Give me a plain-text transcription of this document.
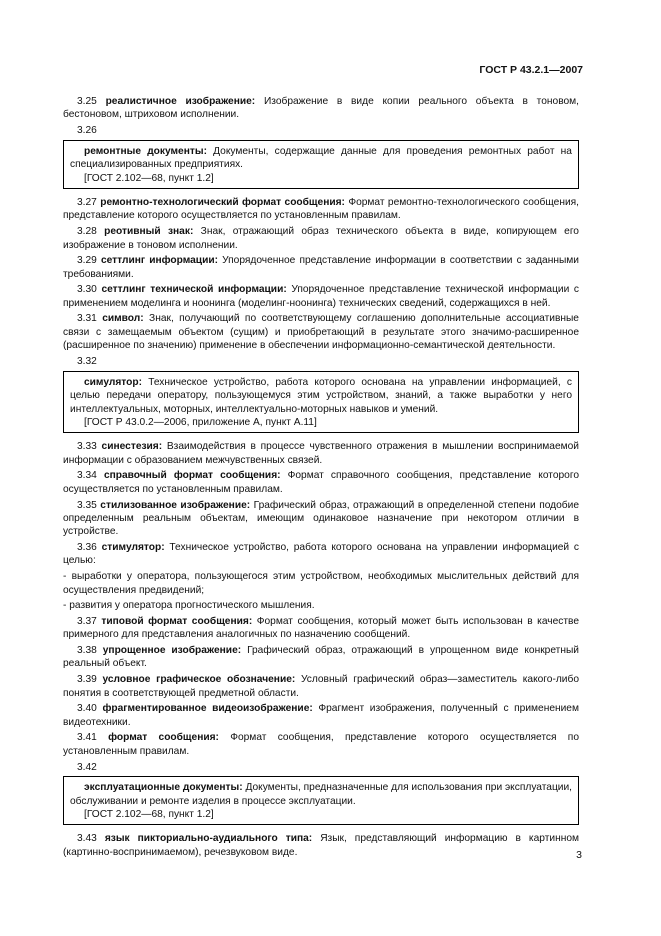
ГОСТ Р 43.2.1—2007

3.25 реалистичное изображение: Изображение в виде копии реального объекта в тоновом, бестоновом, штриховом исполнении.

3.26

ремонтные документы: Документы, содержащие данные для проведения ремонтных работ на специализированных предприятиях.

[ГОСТ 2.102—68, пункт 1.2]

3.27 ремонтно-технологический формат сообщения: Формат ремонтно-технологического сообщения, представление которого осуществляется по установленным правилам.

3.28 реотивный знак: Знак, отражающий образ технического объекта в виде, копирующем его изображение в тоновом исполнении.

3.29 сеттлинг информации: Упорядоченное представление информации в соответствии с заданными требованиями.

3.30 сеттлинг технической информации: Упорядоченное представление технической информации с применением моделинга и ноонинга (моделинг-ноонинга) технических сведений, содержащихся в ней.

3.31 символ: Знак, получающий по соответствующему соглашению дополнительные ассоциативные связи с замещаемым объектом (сущим) и приобретающий в результате этого значимо-расширенное (расширенное по значению) применение в обеспечении информационно-семантической деятельности.

3.32

симулятор: Техническое устройство, работа которого основана на управлении информацией, с целью передачи оператору, пользующемуся этим устройством, знаний, а также выработки у него интеллектуальных, моторных, интеллектуально-моторных навыков и умений.

[ГОСТ Р 43.0.2—2006, приложение А, пункт А.11]

3.33 синестезия: Взаимодействия в процессе чувственного отражения в мышлении воспринимаемой информации с образованием межчувственных связей.

3.34 справочный формат сообщения: Формат справочного сообщения, представление которого осуществляется по установленным правилам.

3.35 стилизованное изображение: Графический образ, отражающий в определенной степени подобие определенным реальным объектам, имеющим одинаковое назначение при некотором отличии в устройстве.

3.36 стимулятор: Техническое устройство, работа которого основана на управлении информацией с целью:

- выработки у оператора, пользующегося этим устройством, необходимых мыслительных действий для осуществления предвидений;
- развития у оператора прогностического мышления.

3.37 типовой формат сообщения: Формат сообщения, который может быть использован в качестве примерного для представления аналогичных по назначению сообщений.

3.38 упрощенное изображение: Графический образ, отражающий в упрощенном виде конкретный реальный объект.

3.39 условное графическое обозначение: Условный графический образ—заместитель какого-либо понятия в соответствующей предметной области.

3.40 фрагментированное видеоизображение: Фрагмент изображения, полученный с применением видеотехники.

3.41 формат сообщения: Формат сообщения, представление которого осуществляется по установленным правилам.

3.42

эксплуатационные документы: Документы, предназначенные для использования при эксплуатации, обслуживании и ремонте изделия в процессе эксплуатации.

[ГОСТ 2.102—68, пункт 1.2]

3.43 язык пикториально-аудиального типа: Язык, представляющий информацию в картинном (картинно-воспринимаемом), речезвуковом виде.	3
